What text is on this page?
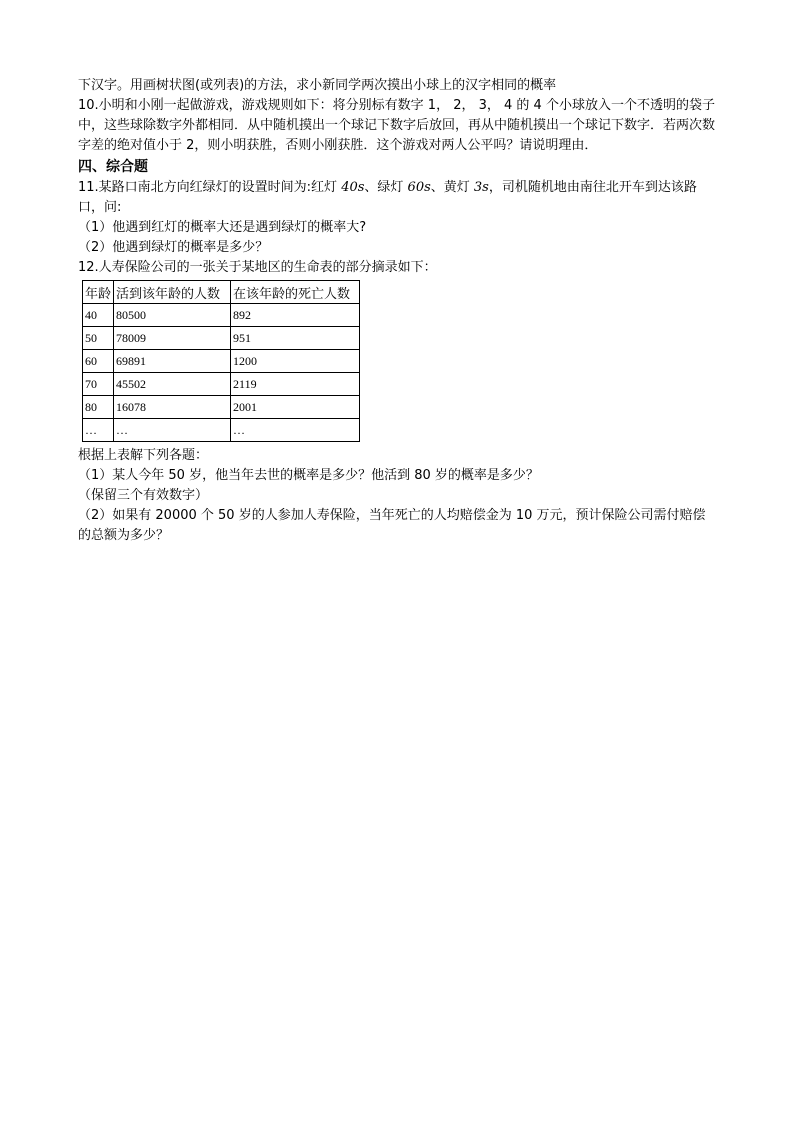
下汉字。用画树状图(或列表)的方法，求小新同学两次摸出小球上的汉字相同的概率

10.小明和小刚一起做游戏，游戏规则如下：将分别标有数字 1， 2， 3， 4 的 4 个小球放入一个不透明的袋子中，这些球除数字外都相同．从中随机摸出一个球记下数字后放回，再从中随机摸出一个球记下数字．若两次数字差的绝对值小于 2，则小明获胜，否则小刚获胜．这个游戏对两人公平吗？请说明理由．

四、综合题

11.某路口南北方向红绿灯的设置时间为:红灯 40s、绿灯 60s、黄灯 3s，司机随机地由南往北开车到达该路口，问:

（1）他遇到红灯的概率大还是遇到绿灯的概率大?

（2）他遇到绿灯的概率是多少？

12.人寿保险公司的一张关于某地区的生命表的部分摘录如下：

年龄	活到该年龄的人数	在该年龄的死亡人数
40	80500	892
50	78009	951
60	69891	1200
70	45502	2119
80	16078	2001
…	…	…

根据上表解下列各题：

（1）某人今年 50 岁，他当年去世的概率是多少？他活到 80 岁的概率是多少？

（保留三个有效数字）

（2）如果有 20000 个 50 岁的人参加人寿保险，当年死亡的人均赔偿金为 10 万元，预计保险公司需付赔偿的总额为多少？
